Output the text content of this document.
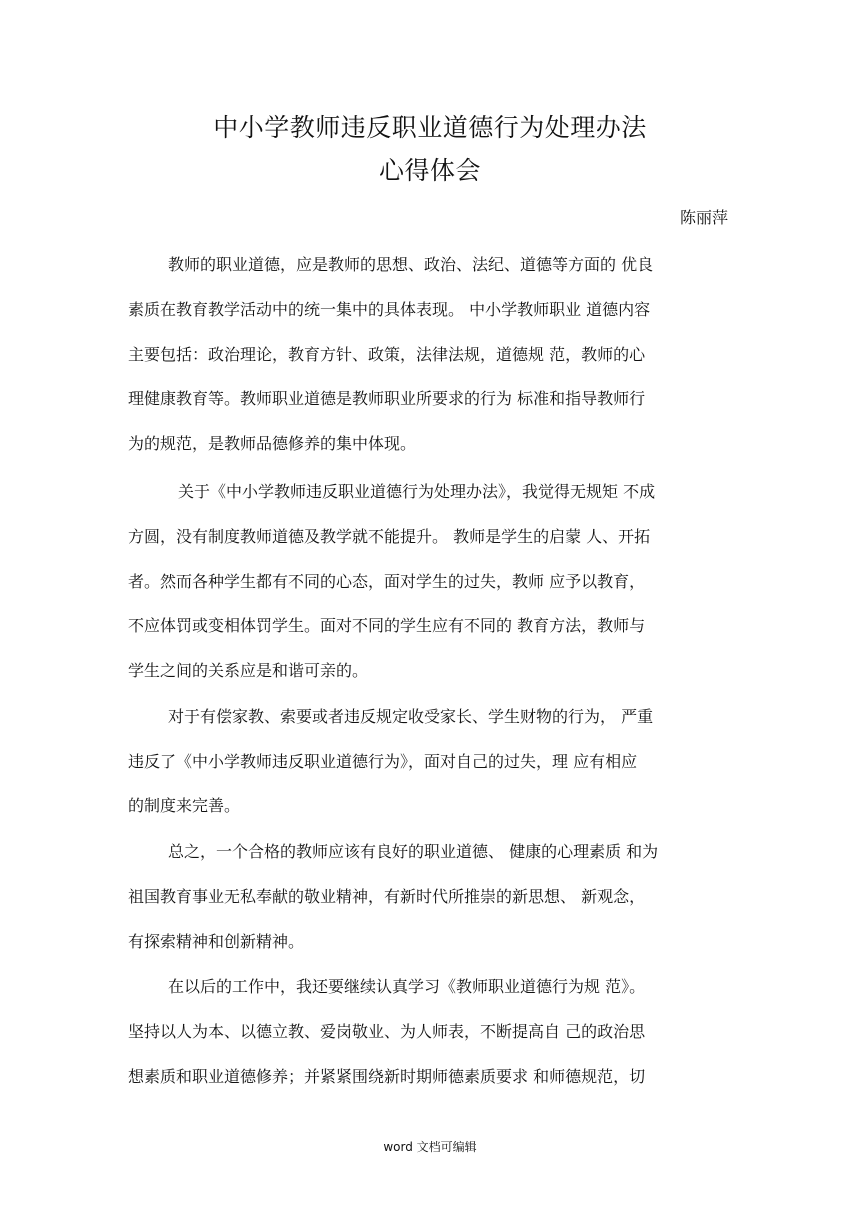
中小学教师违反职业道德行为处理办法
心得体会
陈丽萍
教师的职业道德，应是教师的思想、政治、法纪、道德等方面的 优良
素质在教育教学活动中的统一集中的具体表现。 中小学教师职业 道德内容
主要包括：政治理论，教育方针、政策，法律法规，道德规 范，教师的心
理健康教育等。教师职业道德是教师职业所要求的行为 标准和指导教师行
为的规范，是教师品德修养的集中体现。
关于《中小学教师违反职业道德行为处理办法》，我觉得无规矩 不成
方圆，没有制度教师道德及教学就不能提升。 教师是学生的启蒙 人、开拓
者。然而各种学生都有不同的心态，面对学生的过失，教师 应予以教育，
不应体罚或变相体罚学生。面对不同的学生应有不同的 教育方法，教师与
学生之间的关系应是和谐可亲的。
对于有偿家教、索要或者违反规定收受家长、学生财物的行为， 严重
违反了《中小学教师违反职业道德行为》，面对自己的过失，理 应有相应
的制度来完善。
总之，一个合格的教师应该有良好的职业道德、 健康的心理素质 和为
祖国教育事业无私奉献的敬业精神，有新时代所推崇的新思想、 新观念，
有探索精神和创新精神。
在以后的工作中，我还要继续认真学习《教师职业道德行为规 范》。
坚持以人为本、以德立教、爱岗敬业、为人师表，不断提高自 己的政治思
想素质和职业道德修养；并紧紧围绕新时期师德素质要求 和师德规范，切
word 文档可编辑
